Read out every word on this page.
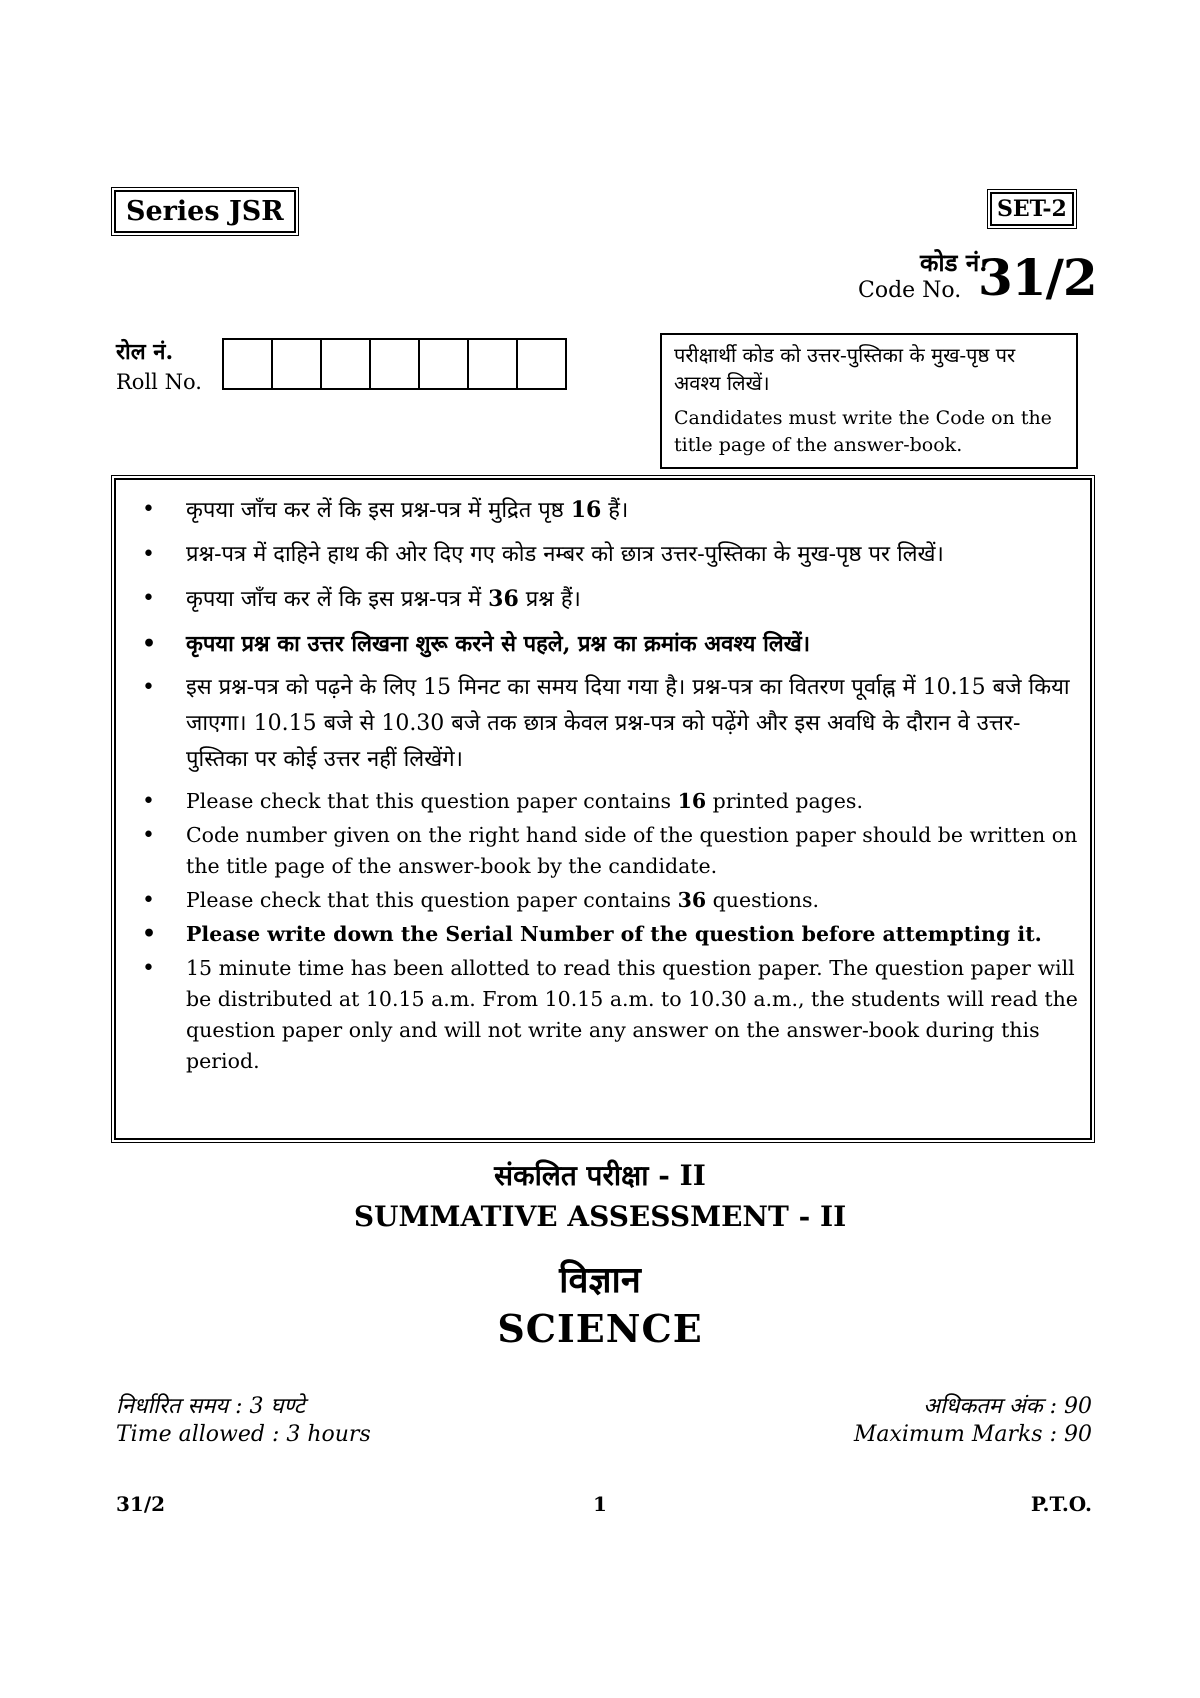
Series JSR	SET-2
कोड नं.
Code No. 31/2
रोल नं.
Roll No.
परीक्षार्थी कोड को उत्तर-पुस्तिका के मुख-पृष्ठ पर अवश्य लिखें।
Candidates must write the Code on the title page of the answer-book.
• कृपया जाँच कर लें कि इस प्रश्न-पत्र में मुद्रित पृष्ठ 16 हैं।
• प्रश्न-पत्र में दाहिने हाथ की ओर दिए गए कोड नम्बर को छात्र उत्तर-पुस्तिका के मुख-पृष्ठ पर लिखें।
• कृपया जाँच कर लें कि इस प्रश्न-पत्र में 36 प्रश्न हैं।
• कृपया प्रश्न का उत्तर लिखना शुरू करने से पहले, प्रश्न का क्रमांक अवश्य लिखें।
• इस प्रश्न-पत्र को पढ़ने के लिए 15 मिनट का समय दिया गया है। प्रश्न-पत्र का वितरण पूर्वाह्न में 10.15 बजे किया जाएगा। 10.15 बजे से 10.30 बजे तक छात्र केवल प्रश्न-पत्र को पढ़ेंगे और इस अवधि के दौरान वे उत्तर-पुस्तिका पर कोई उत्तर नहीं लिखेंगे।
• Please check that this question paper contains 16 printed pages.
• Code number given on the right hand side of the question paper should be written on the title page of the answer-book by the candidate.
• Please check that this question paper contains 36 questions.
• Please write down the Serial Number of the question before attempting it.
• 15 minute time has been allotted to read this question paper. The question paper will be distributed at 10.15 a.m. From 10.15 a.m. to 10.30 a.m., the students will read the question paper only and will not write any answer on the answer-book during this period.
संकलित परीक्षा - II
SUMMATIVE ASSESSMENT - II
विज्ञान
SCIENCE
निर्धारित समय : 3 घण्टे
Time allowed : 3 hours
अधिकतम अंक : 90
Maximum Marks : 90
31/2	1	P.T.O.
